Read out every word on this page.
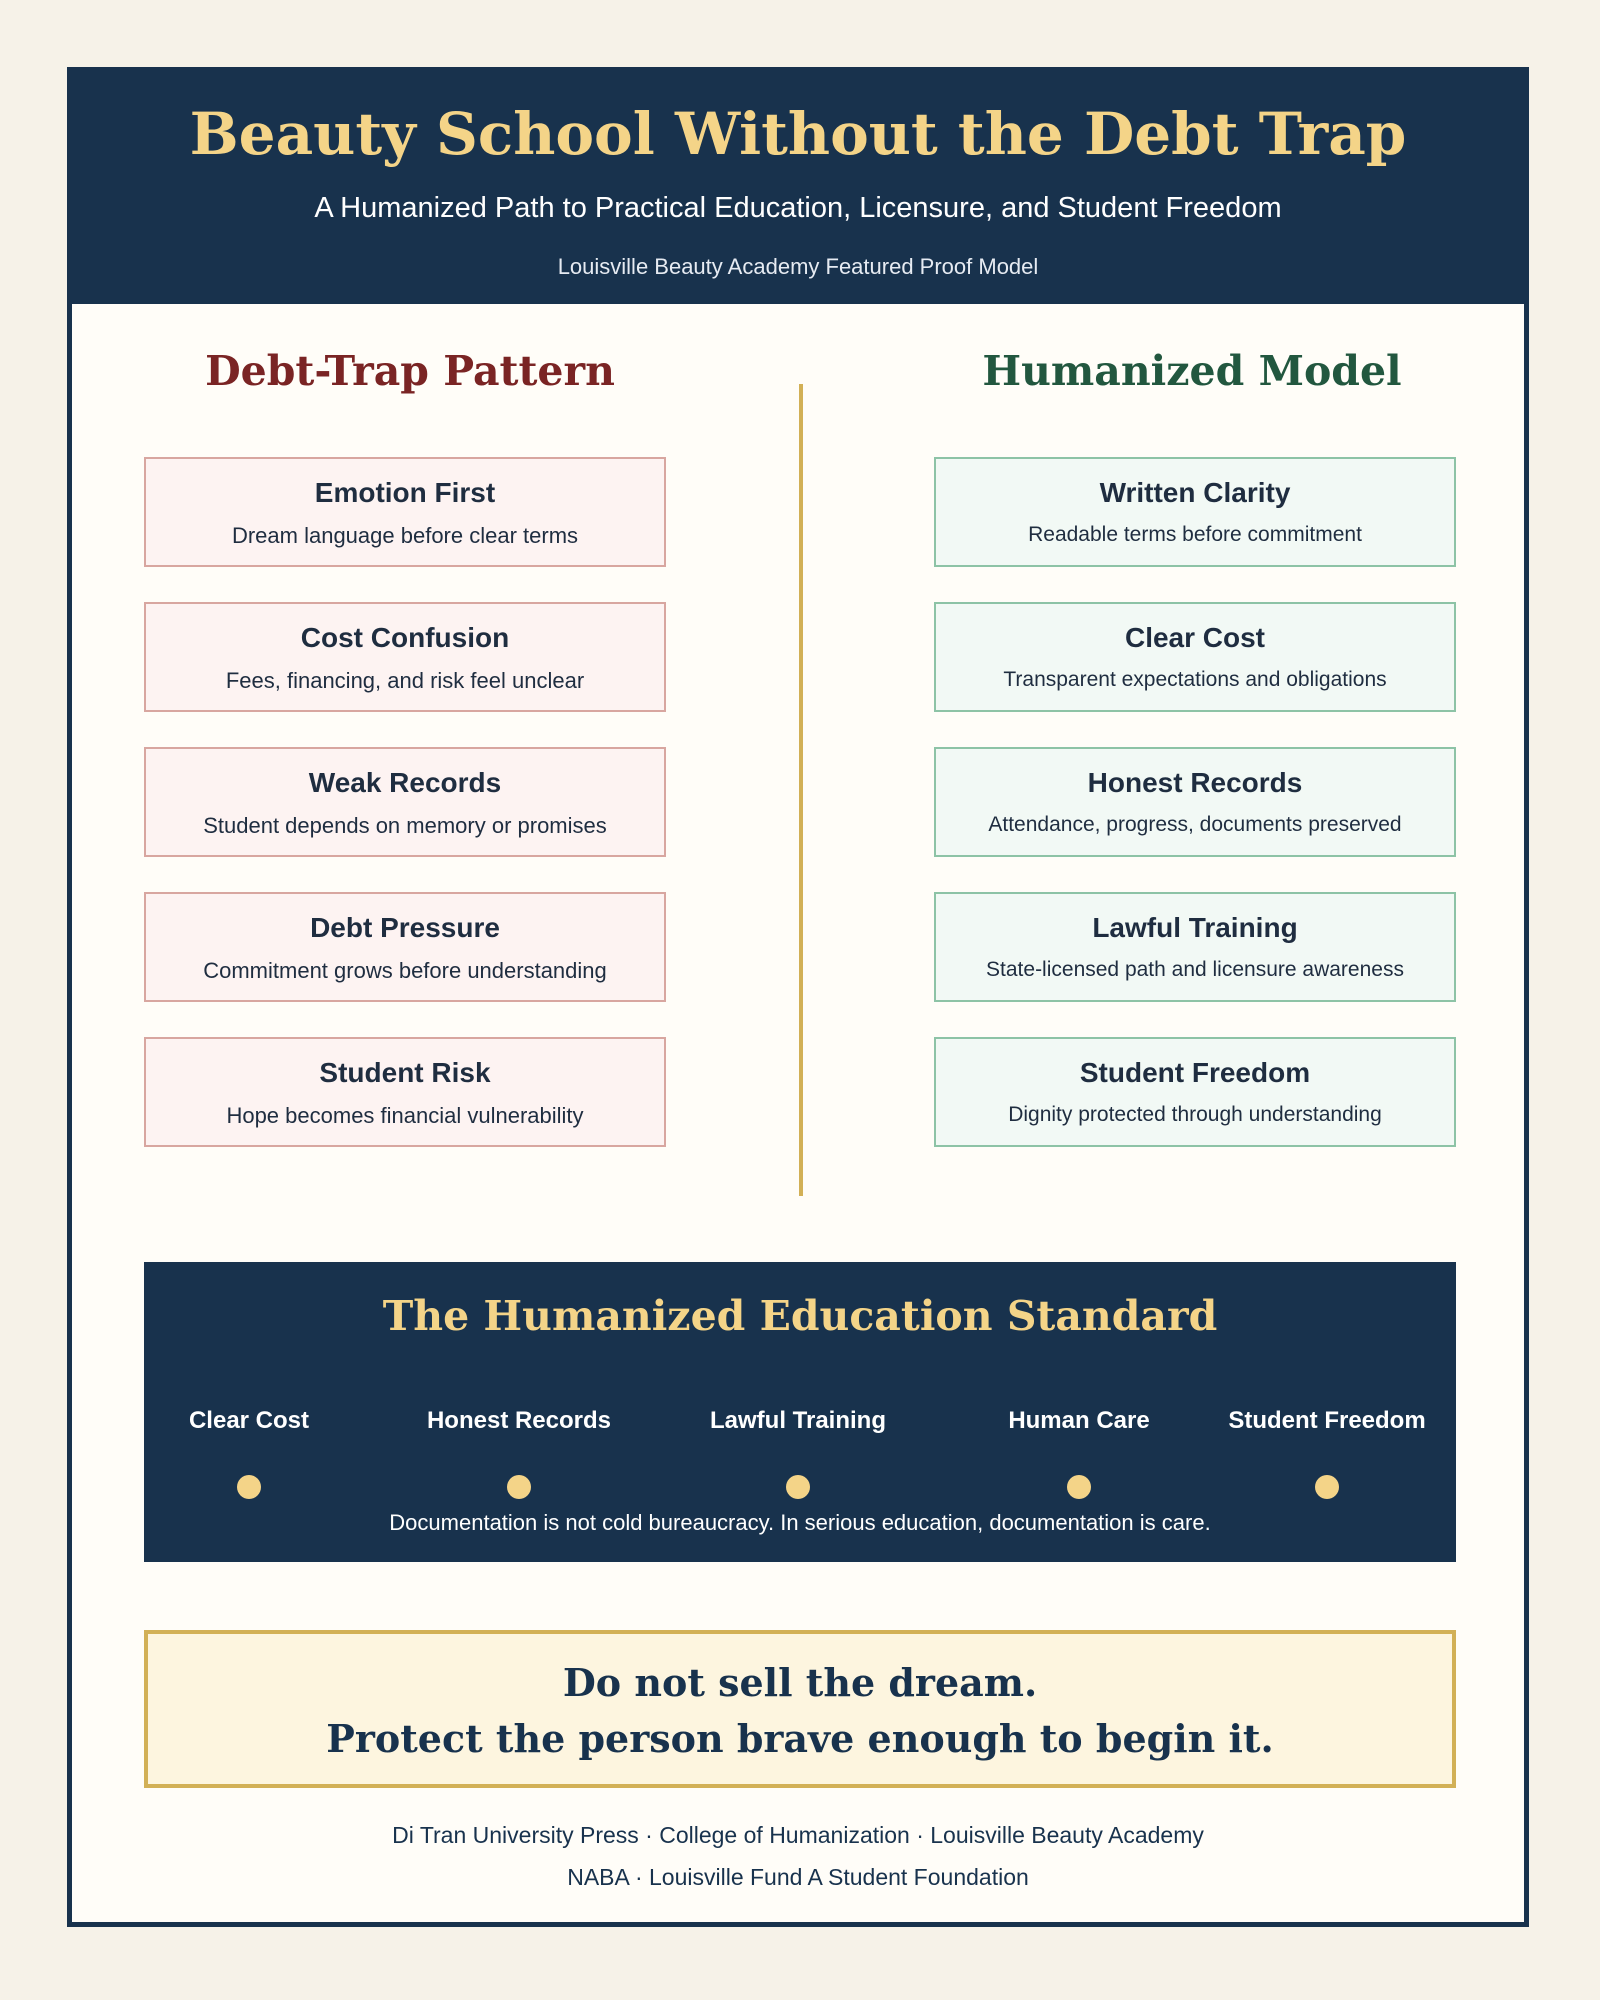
Beauty School Without the Debt Trap
A Humanized Path to Practical Education, Licensure, and Student Freedom
Louisville Beauty Academy Featured Proof Model
Debt-Trap Pattern	Humanized Model
Emotion First
Dream language before clear terms
Cost Confusion
Fees, financing, and risk feel unclear
Weak Records
Student depends on memory or promises
Debt Pressure
Commitment grows before understanding
Student Risk
Hope becomes financial vulnerability
Written Clarity
Readable terms before commitment
Clear Cost
Transparent expectations and obligations
Honest Records
Attendance, progress, documents preserved
Lawful Training
State-licensed path and licensure awareness
Student Freedom
Dignity protected through understanding
The Humanized Education Standard
Clear Cost	Honest Records	Lawful Training	Human Care	Student Freedom
Documentation is not cold bureaucracy. In serious education, documentation is care.
Do not sell the dream.
Protect the person brave enough to begin it.
Di Tran University Press · College of Humanization · Louisville Beauty Academy
NABA · Louisville Fund A Student Foundation
